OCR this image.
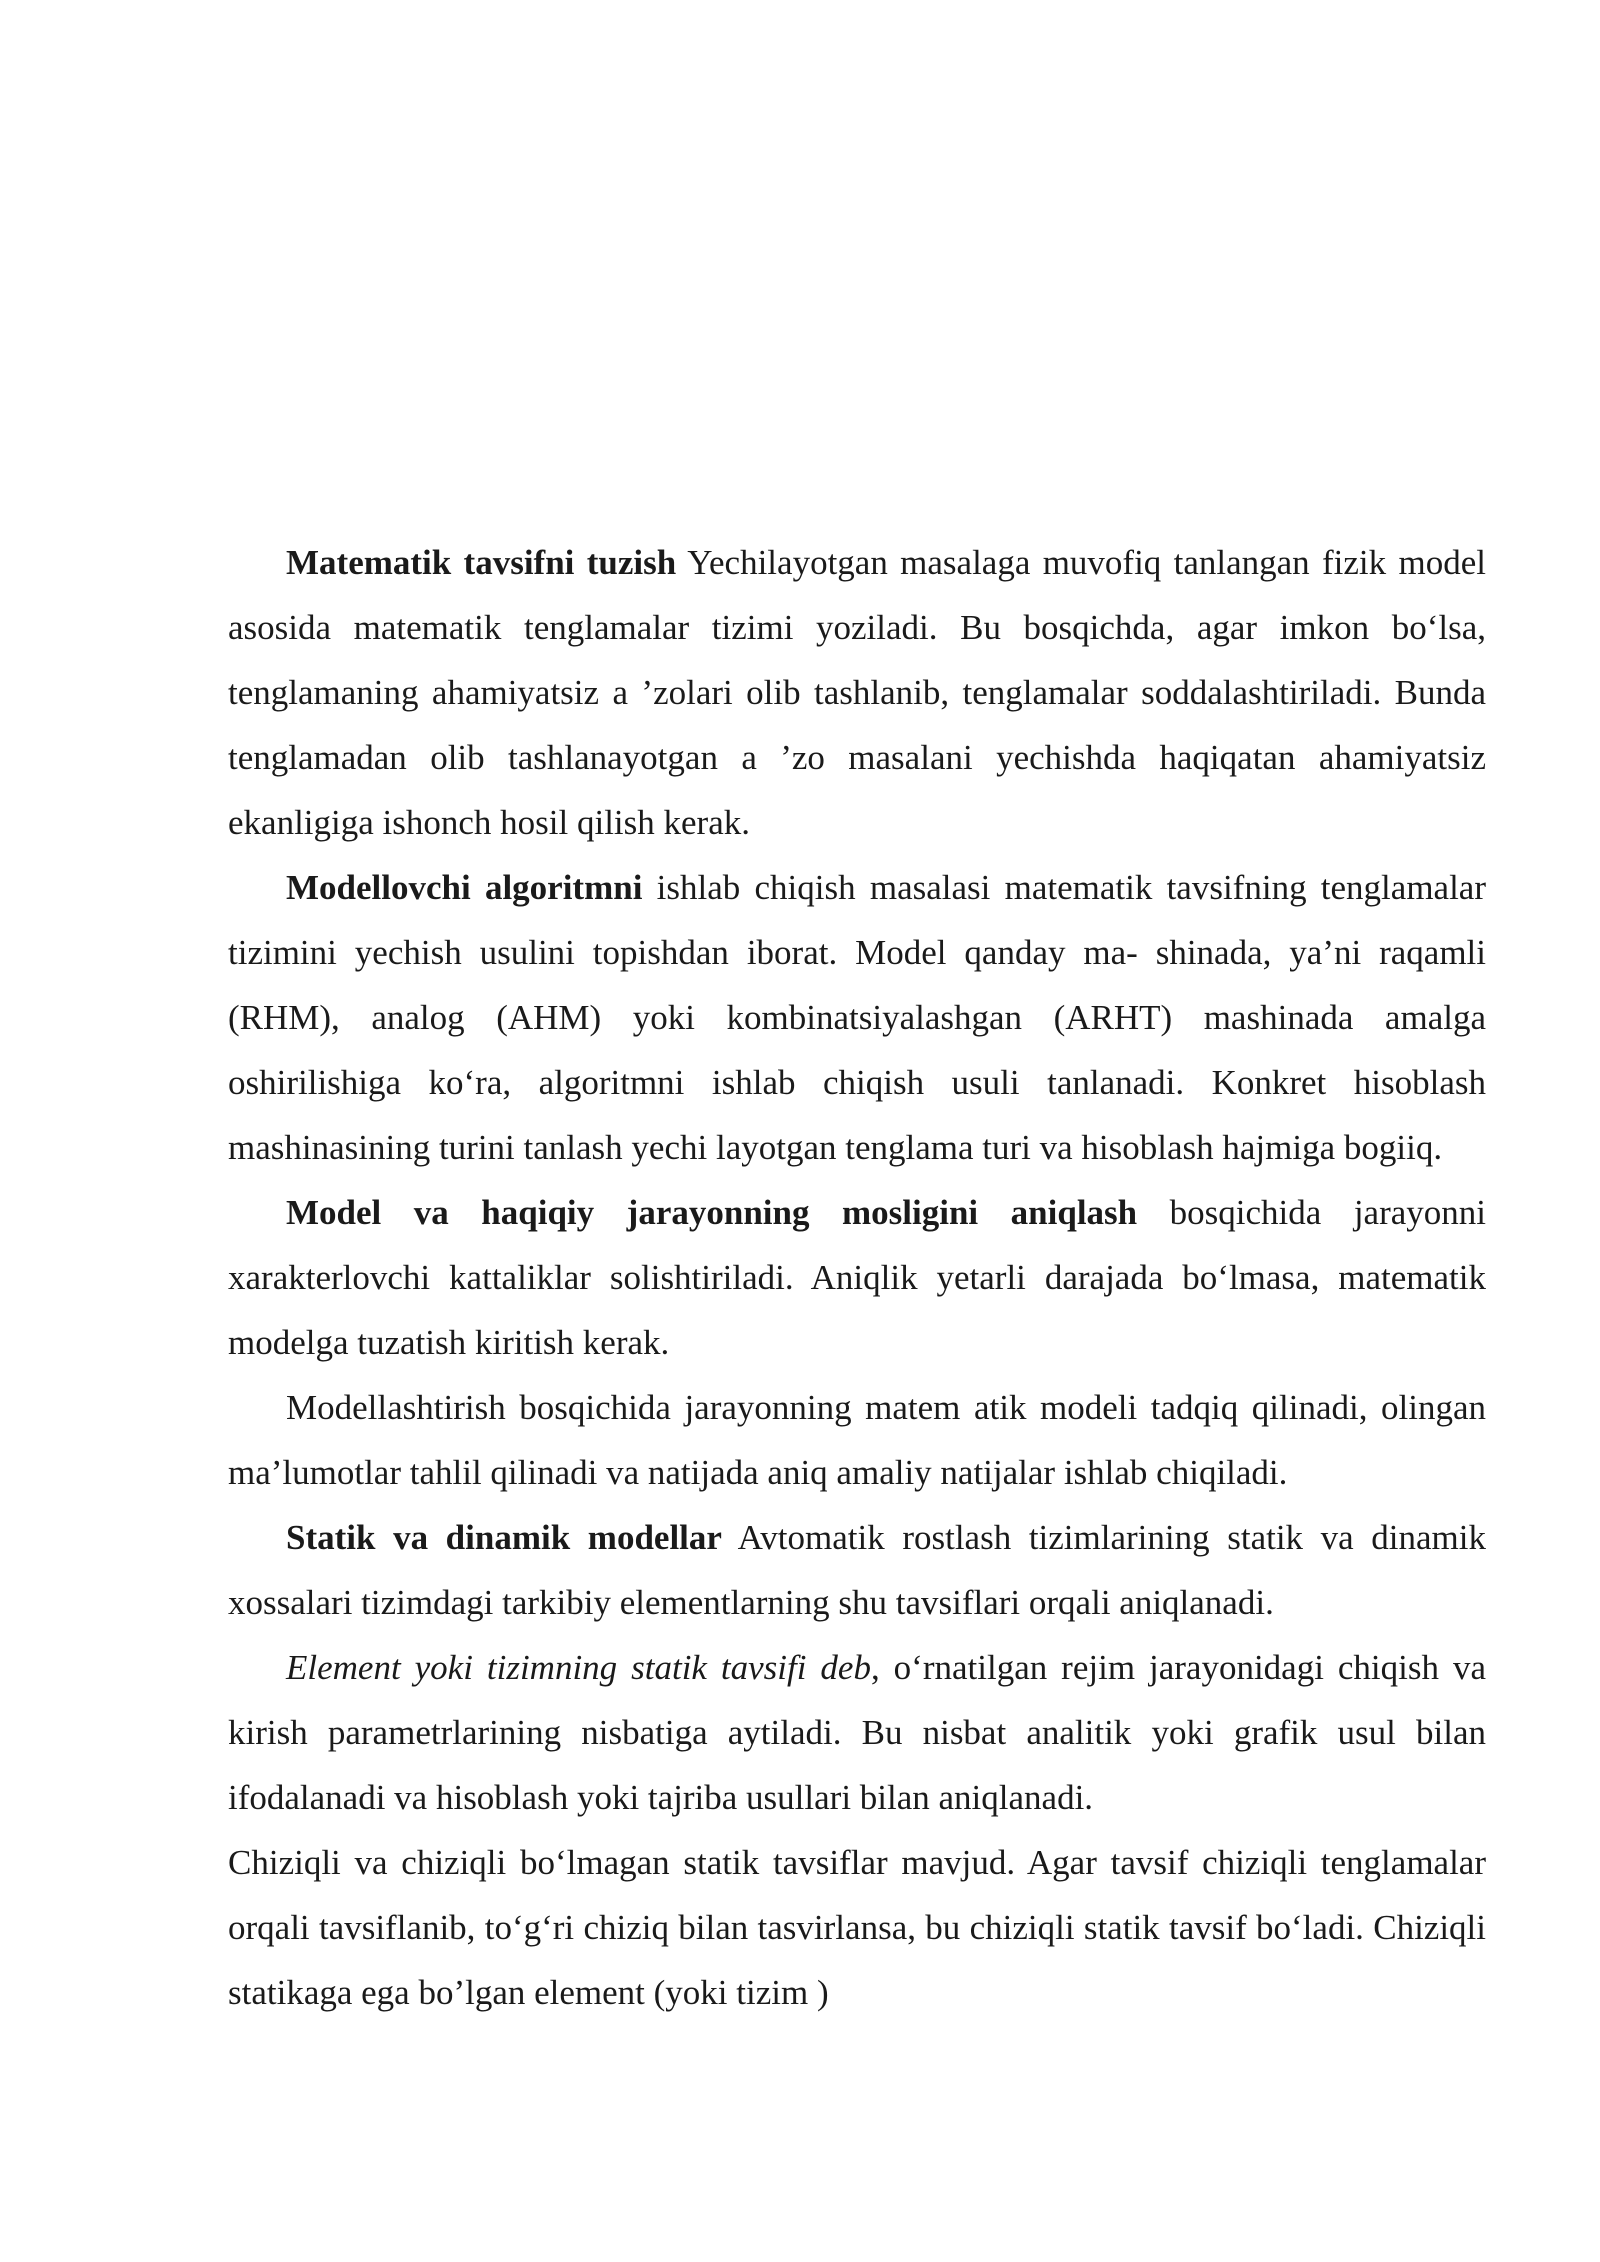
Matematik tavsifni tuzish Yechilayotgan masalaga muvofiq tanlangan fizik model asosida matematik tenglamalar tizimi yoziladi. Bu bosqichda, agar imkon bo‘lsa, tenglamaning ahamiyatsiz a ’zolari olib tashlanib, tenglamalar soddalashtiriladi. Bunda tenglamadan olib tashlanayotgan a ’zo masalani yechishda haqiqatan ahamiyatsiz ekanligiga ishonch hosil qilish kerak.

Modellovchi algoritmni ishlab chiqish masalasi matematik tavsifning tenglamalar tizimini yechish usulini topishdan iborat. Model qanday ma- shinada, ya’ni raqamli (RHM), analog (AHM) yoki kombinatsiyalashgan (ARHT) mashinada amalga oshirilishiga ko‘ra, algoritmni ishlab chiqish usuli tanlanadi. Konkret hisoblash mashinasining turini tanlash yechi layotgan tenglama turi va hisoblash hajmiga bogiiq.

Model va haqiqiy jarayonning mosligini aniqlash bosqichida jarayonni xarakterlovchi kattaliklar solishtiriladi. Aniqlik yetarli darajada bo‘lmasa, matematik modelga tuzatish kiritish kerak.

Modellashtirish bosqichida jarayonning matem atik modeli tadqiq qilinadi, olingan ma’lumotlar tahlil qilinadi va natijada aniq amaliy natijalar ishlab chiqiladi.

Statik va dinamik modellar Avtomatik rostlash tizimlarining statik va dinamik xossalari tizimdagi tarkibiy elementlarning shu tavsiflari orqali aniqlanadi.

Element yoki tizimning statik tavsifi deb, o‘rnatilgan rejim jarayonidagi chiqish va kirish parametrlarining nisbatiga aytiladi. Bu nisbat analitik yoki grafik usul bilan ifodalanadi va hisoblash yoki tajriba usullari bilan aniqlanadi.

Chiziqli va chiziqli bo‘lmagan statik tavsiflar mavjud. Agar tavsif chiziqli tenglamalar orqali tavsiflanib, to‘g‘ri chiziq bilan tasvirlansa, bu chiziqli statik tavsif bo‘ladi. Chiziqli statikaga ega bo’lgan element (yoki tizim )
